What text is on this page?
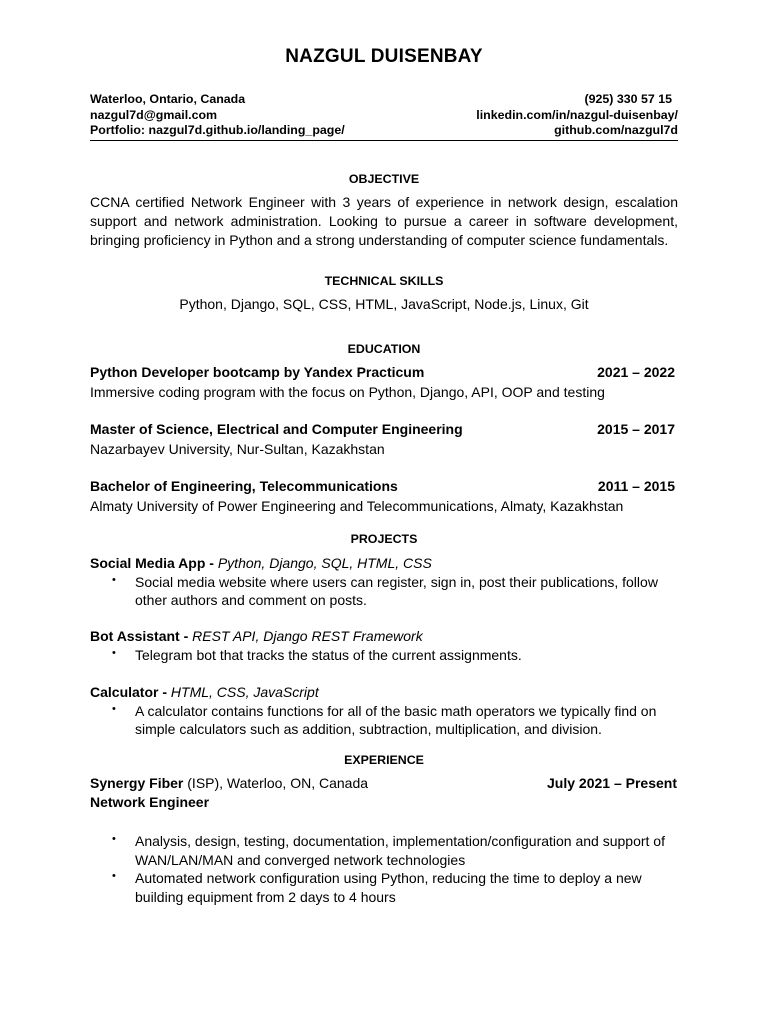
NAZGUL DUISENBAY
Waterloo, Ontario, Canada	(925) 330 57 15
nazgul7d@gmail.com	linkedin.com/in/nazgul-duisenbay/
Portfolio: nazgul7d.github.io/landing_page/	github.com/nazgul7d
OBJECTIVE
CCNA certified Network Engineer with 3 years of experience in network design, escalation support and network administration. Looking to pursue a career in software development, bringing proficiency in Python and a strong understanding of computer science fundamentals.
TECHNICAL SKILLS
Python, Django, SQL, CSS, HTML, JavaScript, Node.js, Linux, Git
EDUCATION
Python Developer bootcamp by Yandex Practicum	2021 – 2022
Immersive coding program with the focus on Python, Django, API, OOP and testing
Master of Science, Electrical and Computer Engineering	2015 – 2017
Nazarbayev University, Nur-Sultan, Kazakhstan
Bachelor of Engineering, Telecommunications	2011 – 2015
Almaty University of Power Engineering and Telecommunications, Almaty, Kazakhstan
PROJECTS
Social Media App - Python, Django, SQL, HTML, CSS
• Social media website where users can register, sign in, post their publications, follow other authors and comment on posts.
Bot Assistant - REST API, Django REST Framework
• Telegram bot that tracks the status of the current assignments.
Calculator - HTML, CSS, JavaScript
• A calculator contains functions for all of the basic math operators we typically find on simple calculators such as addition, subtraction, multiplication, and division.
EXPERIENCE
Synergy Fiber (ISP), Waterloo, ON, Canada	July 2021 – Present
Network Engineer
• Analysis, design, testing, documentation, implementation/configuration and support of WAN/LAN/MAN and converged network technologies
• Automated network configuration using Python, reducing the time to deploy a new building equipment from 2 days to 4 hours
